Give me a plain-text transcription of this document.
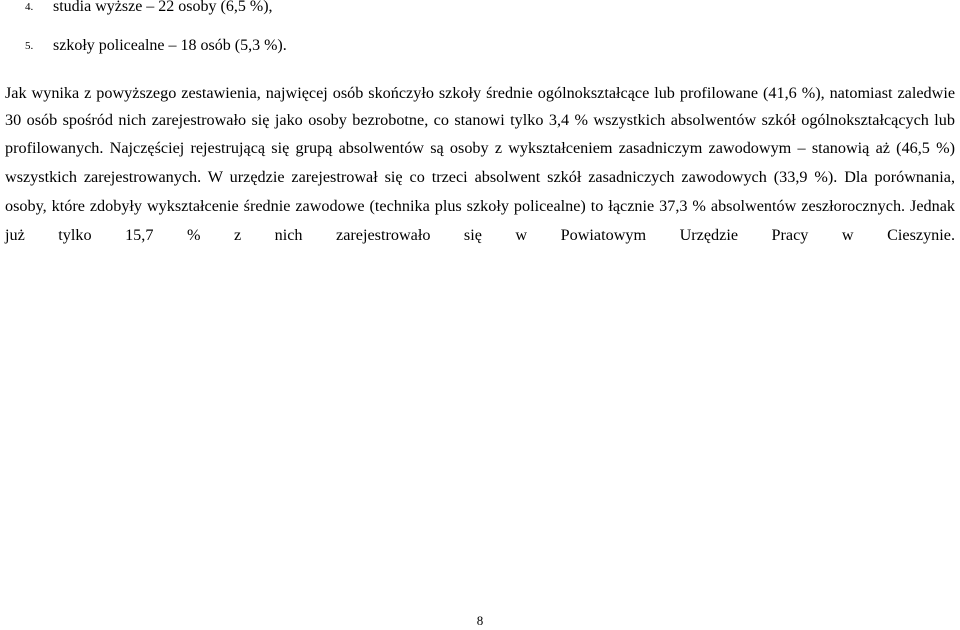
4. studia wyższe – 22 osoby (6,5 %),
5. szkoły policealne – 18 osób (5,3 %).
Jak wynika z powyższego zestawienia, najwięcej osób skończyło szkoły średnie ogólnokształcące lub profilowane (41,6 %), natomiast zaledwie
30 osób spośród nich zarejestrowało się jako osoby bezrobotne, co stanowi tylko 3,4 % wszystkich absolwentów szkół ogólnokształcących lub
profilowanych. Najczęściej rejestrującą się grupą absolwentów są osoby z wykształceniem zasadniczym zawodowym – stanowią aż (46,5 %)
wszystkich zarejestrowanych. W urzędzie zarejestrował się co trzeci absolwent szkół zasadniczych zawodowych (33,9 %). Dla porównania,
osoby, które zdobyły wykształcenie średnie zawodowe (technika plus szkoły policealne) to łącznie 37,3 % absolwentów zeszłorocznych. Jednak
już tylko 15,7 % z nich zarejestrowało się w Powiatowym Urzędzie Pracy w Cieszynie.
8
